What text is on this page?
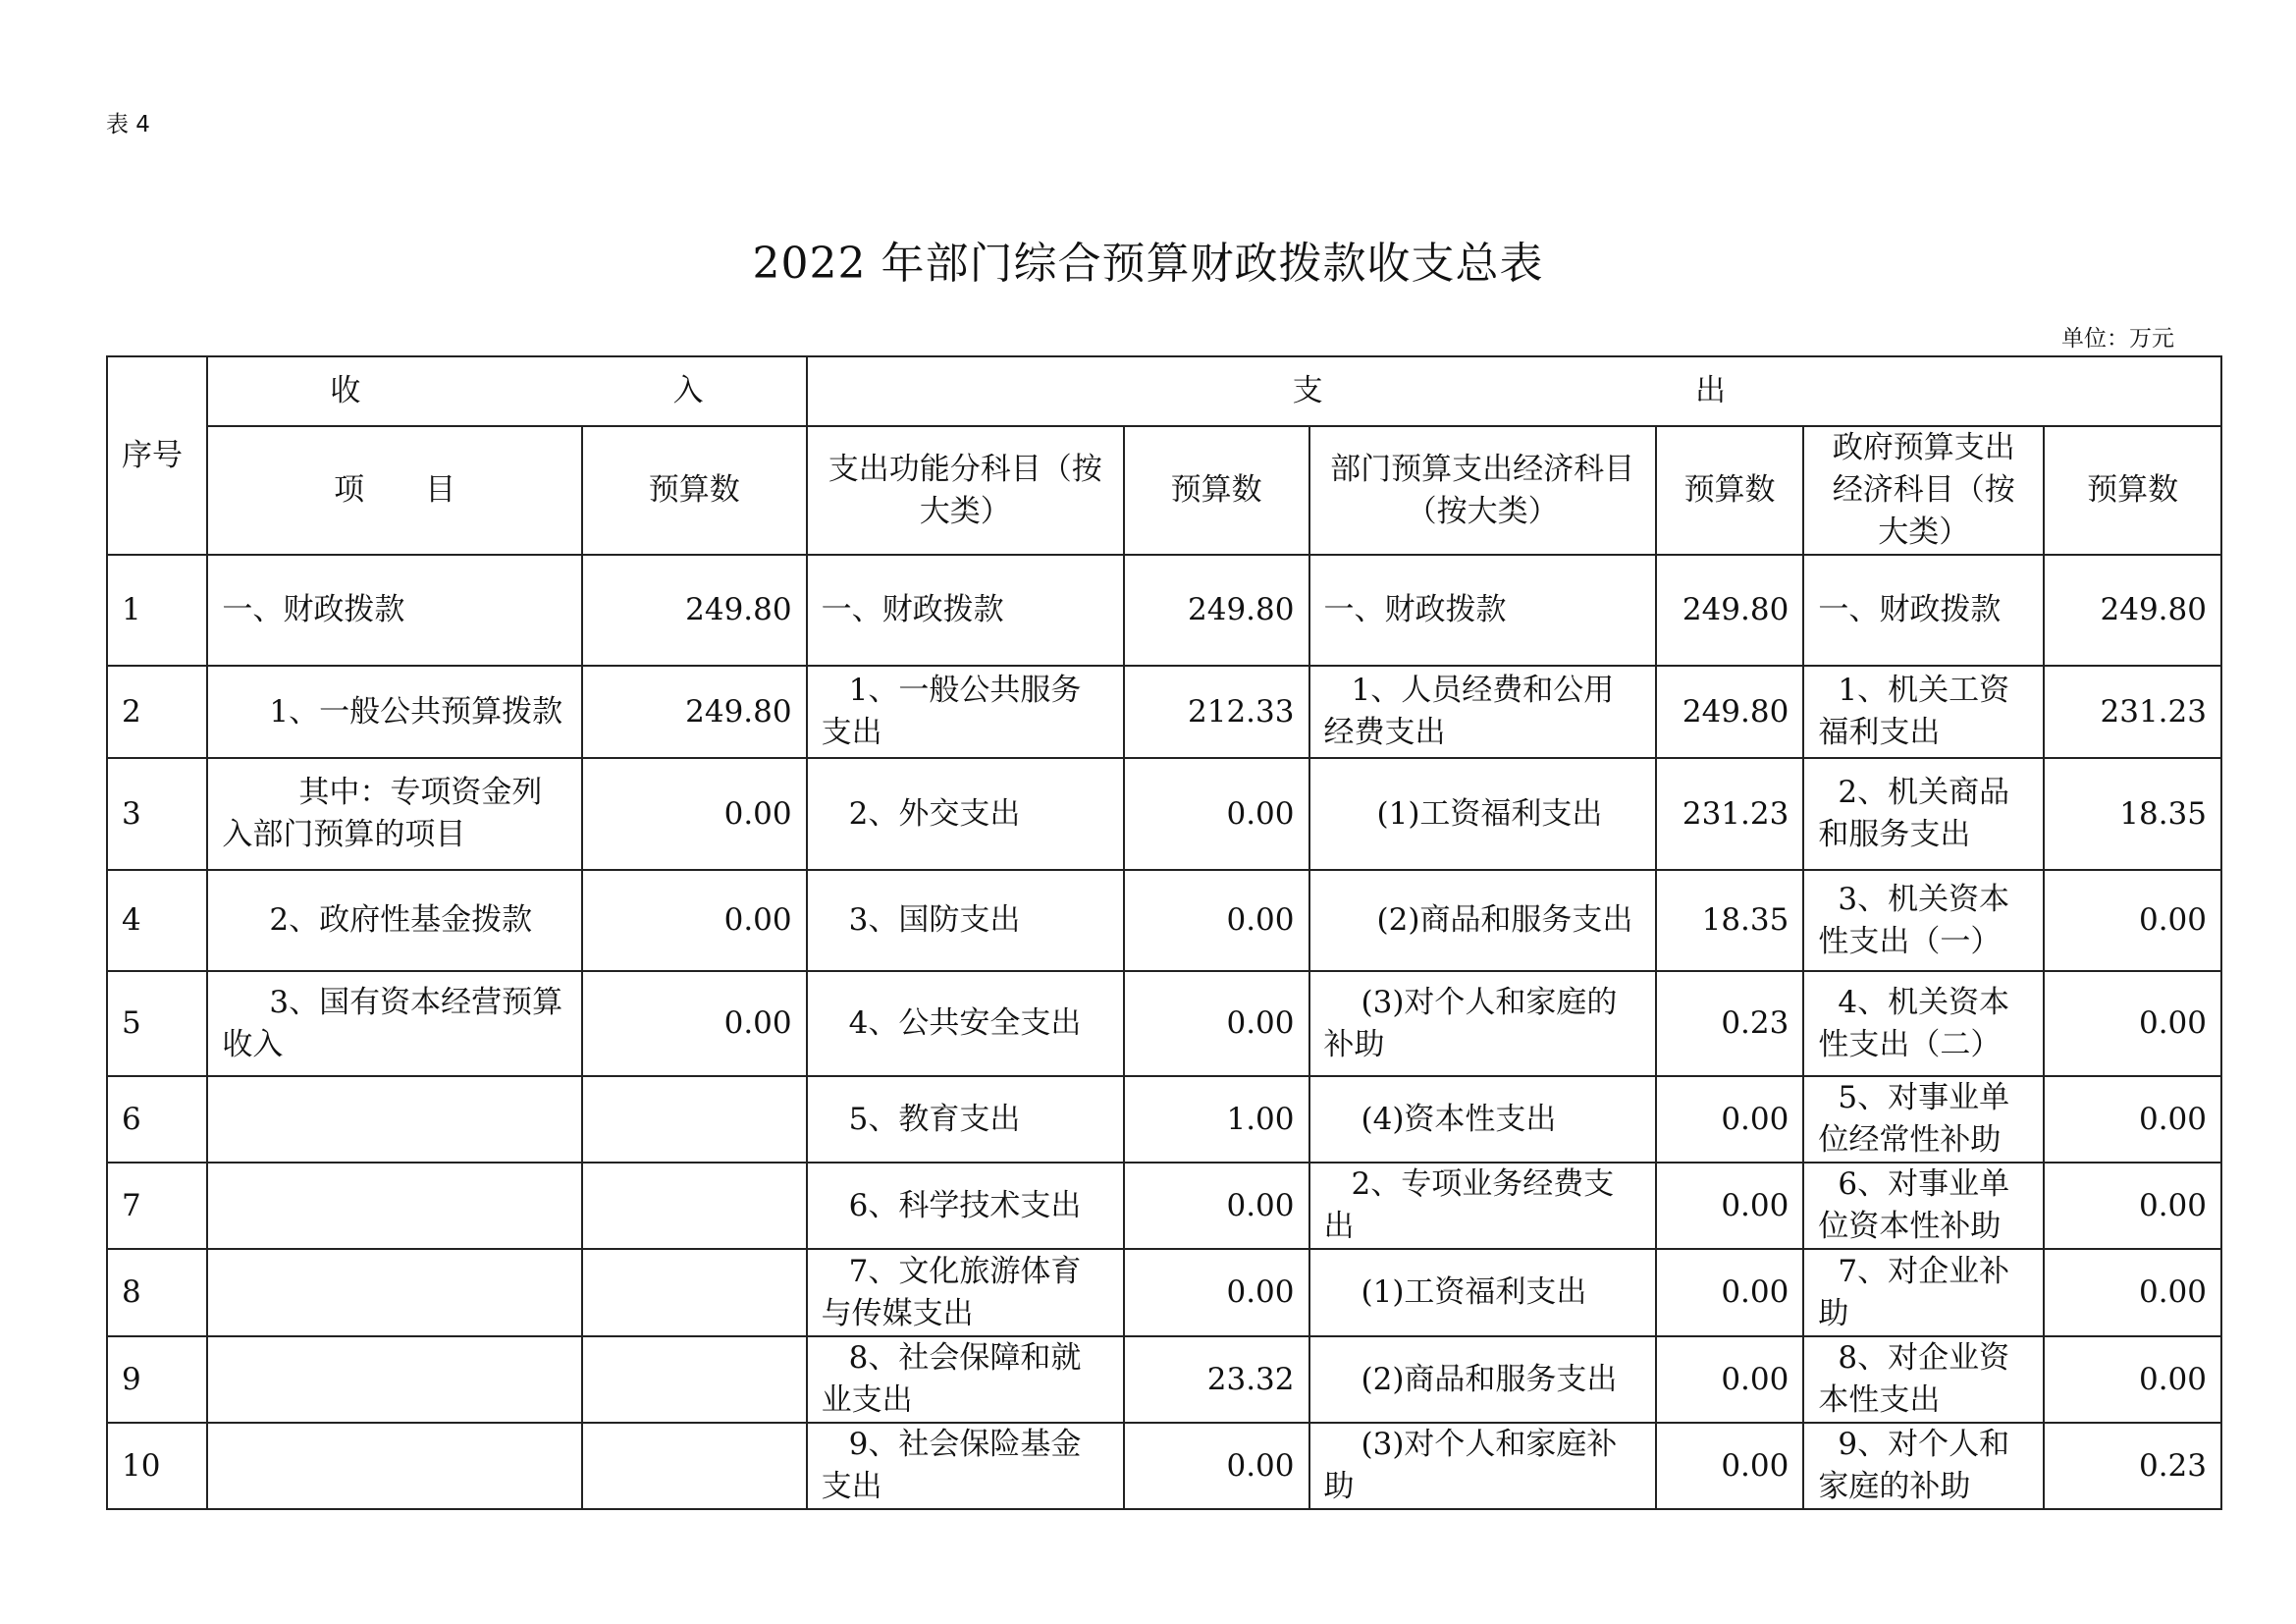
表 4
2022 年部门综合预算财政拨款收支总表
单位：万元
序号	收 入		支 出					

	项　　目	预算数	支出功能分科目（按大类）	预算数	部门预算支出经济科目（按大类）	预算数	政府预算支出经济科目（按大类）	预算数
1	一、财政拨款	249.80	一、财政拨款	249.80	一、财政拨款	249.80	一、财政拨款	249.80
2	1、一般公共预算拨款	249.80	1、一般公共服务支出	212.33	1、人员经费和公用经费支出	249.80	1、机关工资福利支出	231.23
3	其中：专项资金列入部门预算的项目	0.00	2、外交支出	0.00	(1)工资福利支出	231.23	2、机关商品和服务支出	18.35
4	2、政府性基金拨款	0.00	3、国防支出	0.00	(2)商品和服务支出	18.35	3、机关资本性支出（一）	0.00
5	3、国有资本经营预算收入	0.00	4、公共安全支出	0.00	(3)对个人和家庭的补助	0.23	4、机关资本性支出（二）	0.00
6			5、教育支出	1.00	(4)资本性支出	0.00	5、对事业单位经常性补助	0.00
7			6、科学技术支出	0.00	2、专项业务经费支出	0.00	6、对事业单位资本性补助	0.00
8			7、文化旅游体育与传媒支出	0.00	(1)工资福利支出	0.00	7、对企业补助	0.00
9			8、社会保障和就业支出	23.32	(2)商品和服务支出	0.00	8、对企业资本性支出	0.00
10			9、社会保险基金支出	0.00	(3)对个人和家庭补助	0.00	9、对个人和家庭的补助	0.23
